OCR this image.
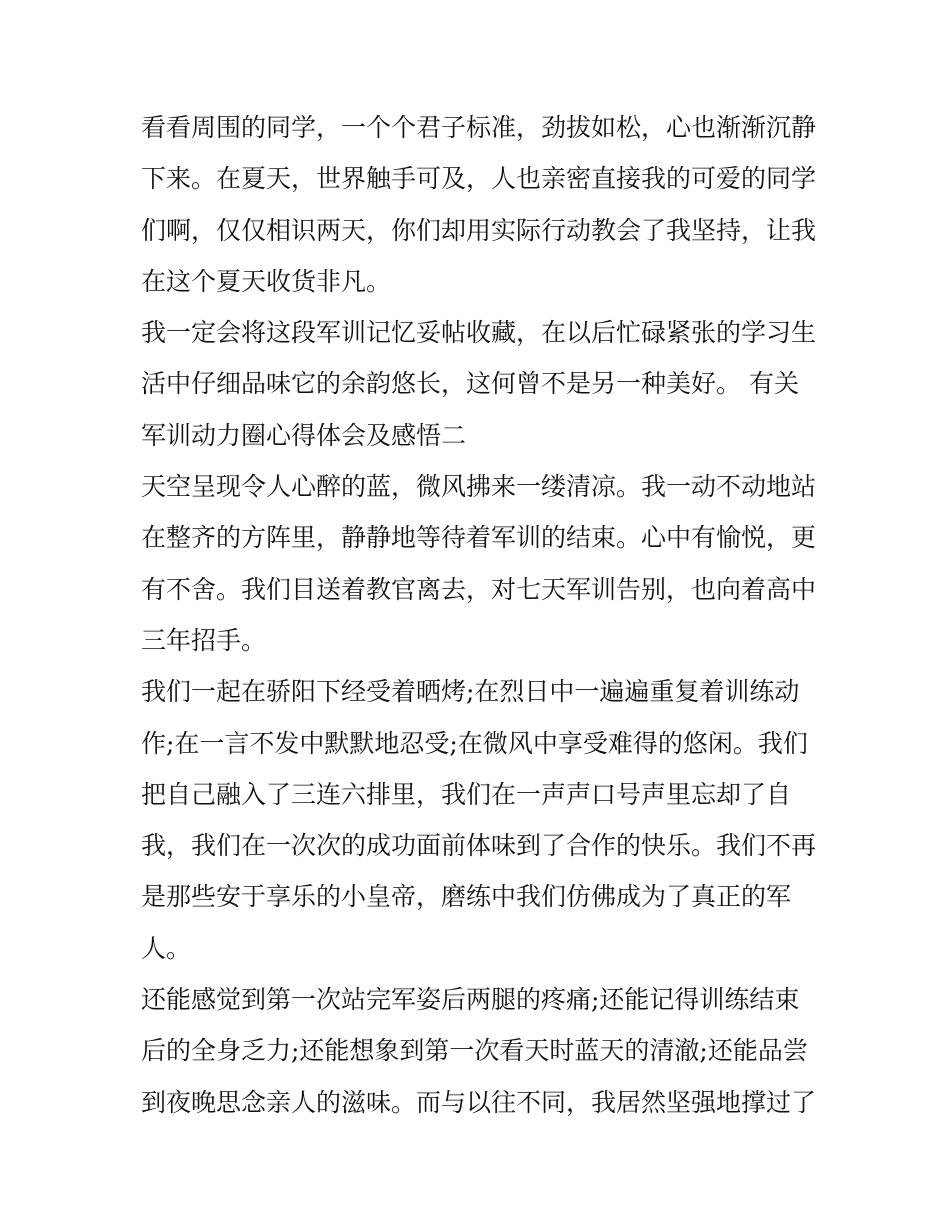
看看周围的同学，一个个君子标准，劲拔如松，心也渐渐沉静
下来。在夏天，世界触手可及，人也亲密直接我的可爱的同学
们啊，仅仅相识两天，你们却用实际行动教会了我坚持，让我
在这个夏天收货非凡。
我一定会将这段军训记忆妥帖收藏，在以后忙碌紧张的学习生
活中仔细品味它的余韵悠长，这何曾不是另一种美好。 有关
军训动力圈心得体会及感悟二
天空呈现令人心醉的蓝，微风拂来一缕清凉。我一动不动地站
在整齐的方阵里，静静地等待着军训的结束。心中有愉悦，更
有不舍。我们目送着教官离去，对七天军训告别，也向着高中
三年招手。
我们一起在骄阳下经受着晒烤;在烈日中一遍遍重复着训练动
作;在一言不发中默默地忍受;在微风中享受难得的悠闲。我们
把自己融入了三连六排里，我们在一声声口号声里忘却了自
我，我们在一次次的成功面前体味到了合作的快乐。我们不再
是那些安于享乐的小皇帝，磨练中我们仿佛成为了真正的军
人。
还能感觉到第一次站完军姿后两腿的疼痛;还能记得训练结束
后的全身乏力;还能想象到第一次看天时蓝天的清澈;还能品尝
到夜晚思念亲人的滋味。而与以往不同，我居然坚强地撑过了
